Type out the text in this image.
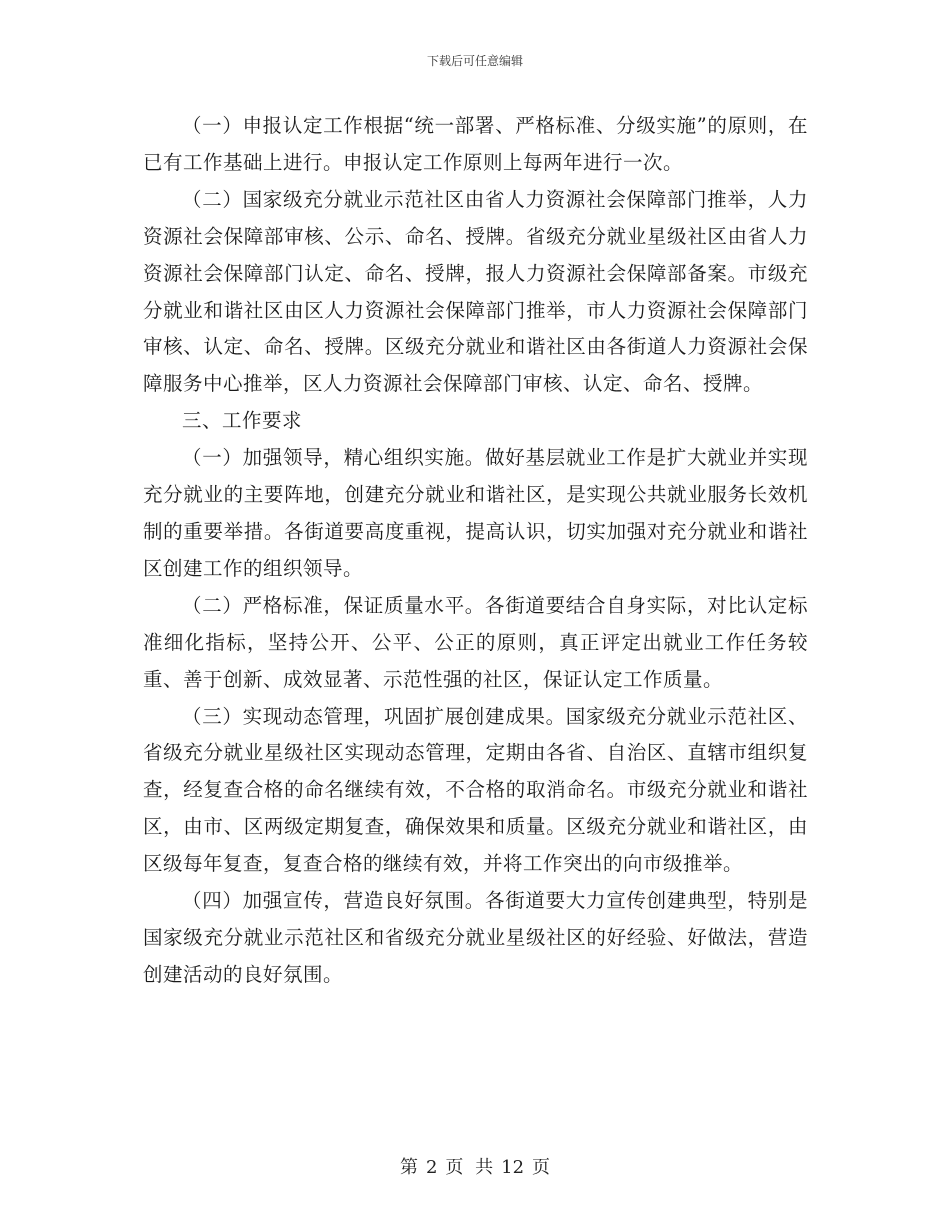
下载后可任意编辑

（一）申报认定工作根据“统一部署、严格标准、分级实施”的原则，在已有工作基础上进行。申报认定工作原则上每两年进行一次。

（二）国家级充分就业示范社区由省人力资源社会保障部门推举，人力资源社会保障部审核、公示、命名、授牌。省级充分就业星级社区由省人力资源社会保障部门认定、命名、授牌，报人力资源社会保障部备案。市级充分就业和谐社区由区人力资源社会保障部门推举，市人力资源社会保障部门审核、认定、命名、授牌。区级充分就业和谐社区由各街道人力资源社会保障服务中心推举，区人力资源社会保障部门审核、认定、命名、授牌。

三、工作要求

（一）加强领导，精心组织实施。做好基层就业工作是扩大就业并实现充分就业的主要阵地，创建充分就业和谐社区，是实现公共就业服务长效机制的重要举措。各街道要高度重视，提高认识，切实加强对充分就业和谐社区创建工作的组织领导。

（二）严格标准，保证质量水平。各街道要结合自身实际，对比认定标准细化指标，坚持公开、公平、公正的原则，真正评定出就业工作任务较重、善于创新、成效显著、示范性强的社区，保证认定工作质量。

（三）实现动态管理，巩固扩展创建成果。国家级充分就业示范社区、省级充分就业星级社区实现动态管理，定期由各省、自治区、直辖市组织复查，经复查合格的命名继续有效，不合格的取消命名。市级充分就业和谐社区，由市、区两级定期复查，确保效果和质量。区级充分就业和谐社区，由区级每年复查，复查合格的继续有效，并将工作突出的向市级推举。

（四）加强宣传，营造良好氛围。各街道要大力宣传创建典型，特别是国家级充分就业示范社区和省级充分就业星级社区的好经验、好做法，营造创建活动的良好氛围。

第 2 页 共 12 页
